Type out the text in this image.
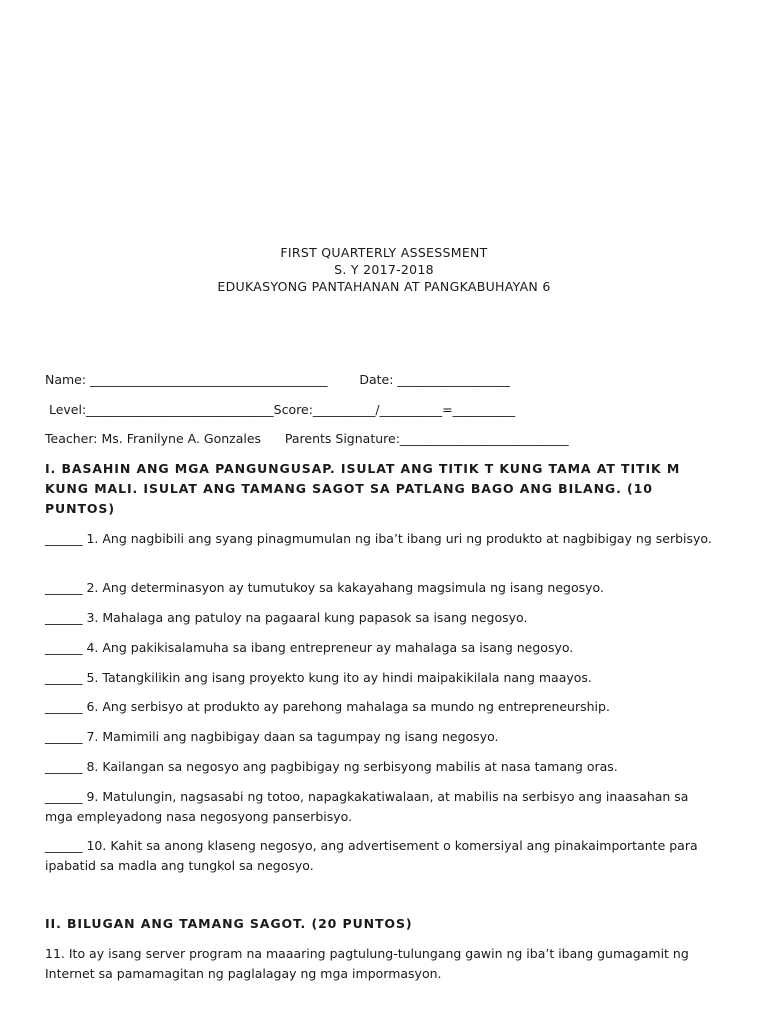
FIRST QUARTERLY ASSESSMENT
S. Y 2017-2018
EDUKASYONG PANTAHANAN AT PANGKABUHAYAN 6
Name: ______________________________________        Date: __________________
Level:______________________________Score:__________/__________=__________
Teacher: Ms. Franilyne A. Gonzales      Parents Signature:___________________________
I. BASAHIN ANG MGA PANGUNGUSAP. ISULAT ANG TITIK T KUNG TAMA AT TITIK M KUNG MALI. ISULAT ANG TAMANG SAGOT SA PATLANG BAGO ANG BILANG. (10 PUNTOS)
______ 1. Ang nagbibili ang syang pinagmumulan ng iba’t ibang uri ng produkto at nagbibigay ng serbisyo.
______ 2. Ang determinasyon ay tumutukoy sa kakayahang magsimula ng isang negosyo.
______ 3. Mahalaga ang patuloy na pagaaral kung papasok sa isang negosyo.
______ 4. Ang pakikisalamuha sa ibang entrepreneur ay mahalaga sa isang negosyo.
______ 5. Tatangkilikin ang isang proyekto kung ito ay hindi maipakikilala nang maayos.
______ 6. Ang serbisyo at produkto ay parehong mahalaga sa mundo ng entrepreneurship.
______ 7. Mamimili ang nagbibigay daan sa tagumpay ng isang negosyo.
______ 8. Kailangan sa negosyo ang pagbibigay ng serbisyong mabilis at nasa tamang oras.
______ 9. Matulungin, nagsasabi ng totoo, napagkakatiwalaan, at mabilis na serbisyo ang inaasahan sa mga empleyadong nasa negosyong panserbisyo.
______ 10. Kahit sa anong klaseng negosyo, ang advertisement o komersiyal ang pinakaimportante para ipabatid sa madla ang tungkol sa negosyo.
II. BILUGAN ANG TAMANG SAGOT. (20 PUNTOS)
11. Ito ay isang server program na maaaring pagtulung-tulungang gawin ng iba’t ibang gumagamit ng Internet sa pamamagitan ng paglalagay ng mga impormasyon.
